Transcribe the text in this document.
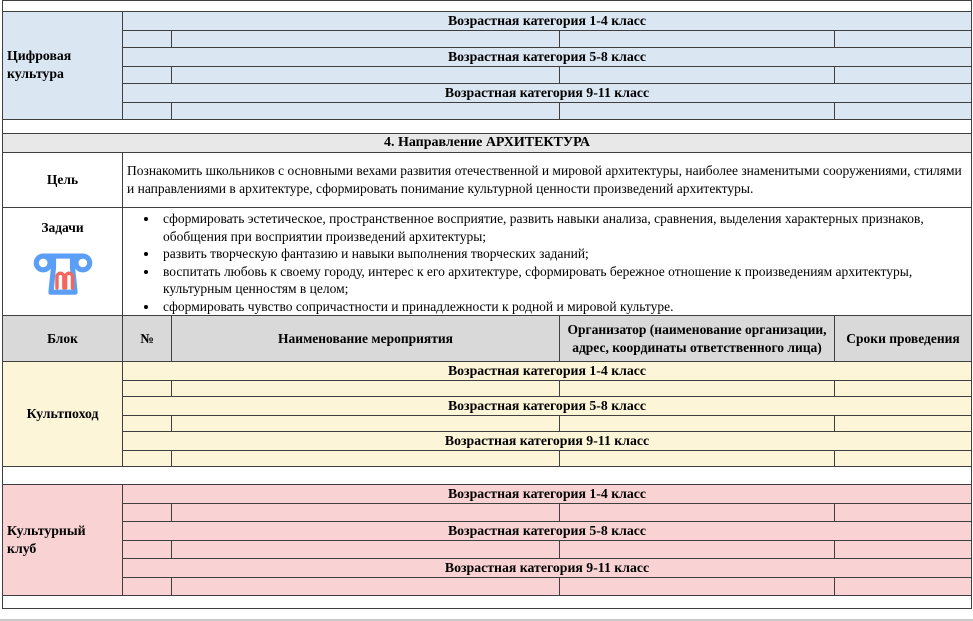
Цифровая культура	Возрастная категория 1-4 класс			

	Возрастная категория 5-8 класс			

	Возрастная категория 9-11 класс			

4. Направление АРХИТЕКТУРА				
Цель	Познакомить школьников с основными вехами развития отечественной и мировой архитектуры, наиболее знаменитыми сооружениями, стилями и направлениями в архитектуре, сформировать понимание культурной ценности произведений архитектуры.			

Задачи

• сформировать эстетическое, пространственное восприятие, развить навыки анализа, сравнения, выделения характерных признаков, обобщения при восприятии произведений архитектуры;
• развить творческую фантазию и навыки выполнения творческих заданий;
• воспитать любовь к своему городу, интерес к его архитектуре, сформировать бережное отношение к произведениям архитектуры, культурным ценностям в целом;
• сформировать чувство сопричастности и принадлежности к родной и мировой культуре.

Блок	№	Наименование мероприятия	Организатор (наименование организации, адрес, координаты ответственного лица)	Сроки проведения
Культпоход	Возрастная категория 1-4 класс			

	Возрастная категория 5-8 класс			

	Возрастная категория 9-11 класс			

Культурный клуб	Возрастная категория 1-4 класс			

	Возрастная категория 5-8 класс			

	Возрастная категория 9-11 класс			
